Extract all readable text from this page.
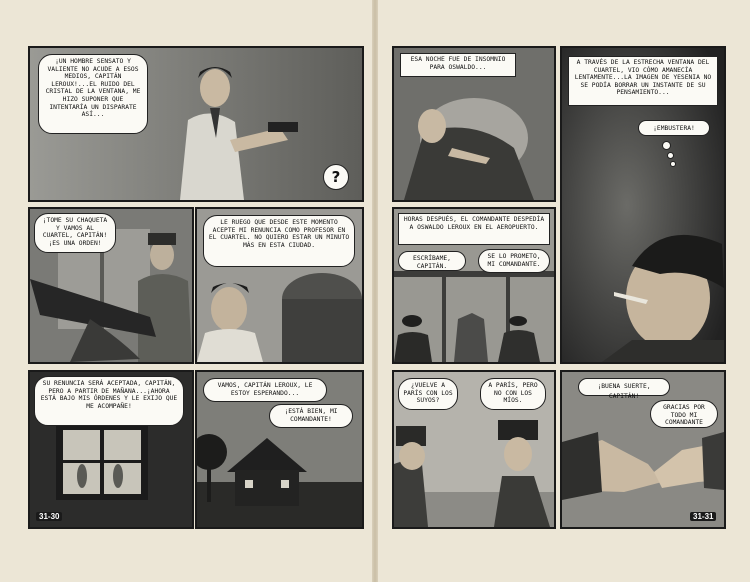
¡UN HOMBRE SENSATO Y VALIENTE NO ACUDE A ESOS MEDIOS, CAPITÁN LEROUX!...EL RUIDO DEL CRISTAL DE LA VENTANA, ME HIZO SUPONER QUE INTENTARÍA UN DISPARATE ASÍ...
?
¡TOME SU CHAQUETA Y VAMOS AL CUARTEL, CAPITÁN! ¡ES UNA ORDEN!
LE RUEGO QUE DESDE ESTE MOMENTO ACEPTE MI RENUNCIA COMO PROFESOR EN EL CUARTEL. NO QUIERO ESTAR UN MINUTO MÁS EN ESTA CIUDAD.
SU RENUNCIA SERÁ ACEPTADA, CAPITÁN, PERO A PARTIR DE MAÑANA...¡AHORA ESTÁ BAJO MIS ÓRDENES Y LE EXIJO QUE ME ACOMPAÑE!
31-30
VAMOS, CAPITÁN LEROUX, LE ESTOY ESPERANDO...
¡ESTÁ BIEN, MI COMANDANTE!
ESA NOCHE FUE DE INSOMNIO PARA OSWALDO...
A TRAVÉS DE LA ESTRECHA VENTANA DEL CUARTEL, VIO CÓMO AMANECÍA LENTAMENTE...LA IMAGEN DE YESENIA NO SE PODÍA BORRAR UN INSTANTE DE SU PENSAMIENTO...
¡EMBUSTERA!
HORAS DESPUÉS, EL COMANDANTE DESPEDÍA A OSWALDO LEROUX EN EL AEROPUERTO.
ESCRÍBAME, CAPITÁN.
SE LO PROMETO, MI COMANDANTE.
¿VUELVE A PARÍS CON LOS SUYOS?
A PARÍS, PERO NO CON LOS MÍOS.
¡BUENA SUERTE, CAPITÁN!
GRACIAS POR TODO MI COMANDANTE
31-31
